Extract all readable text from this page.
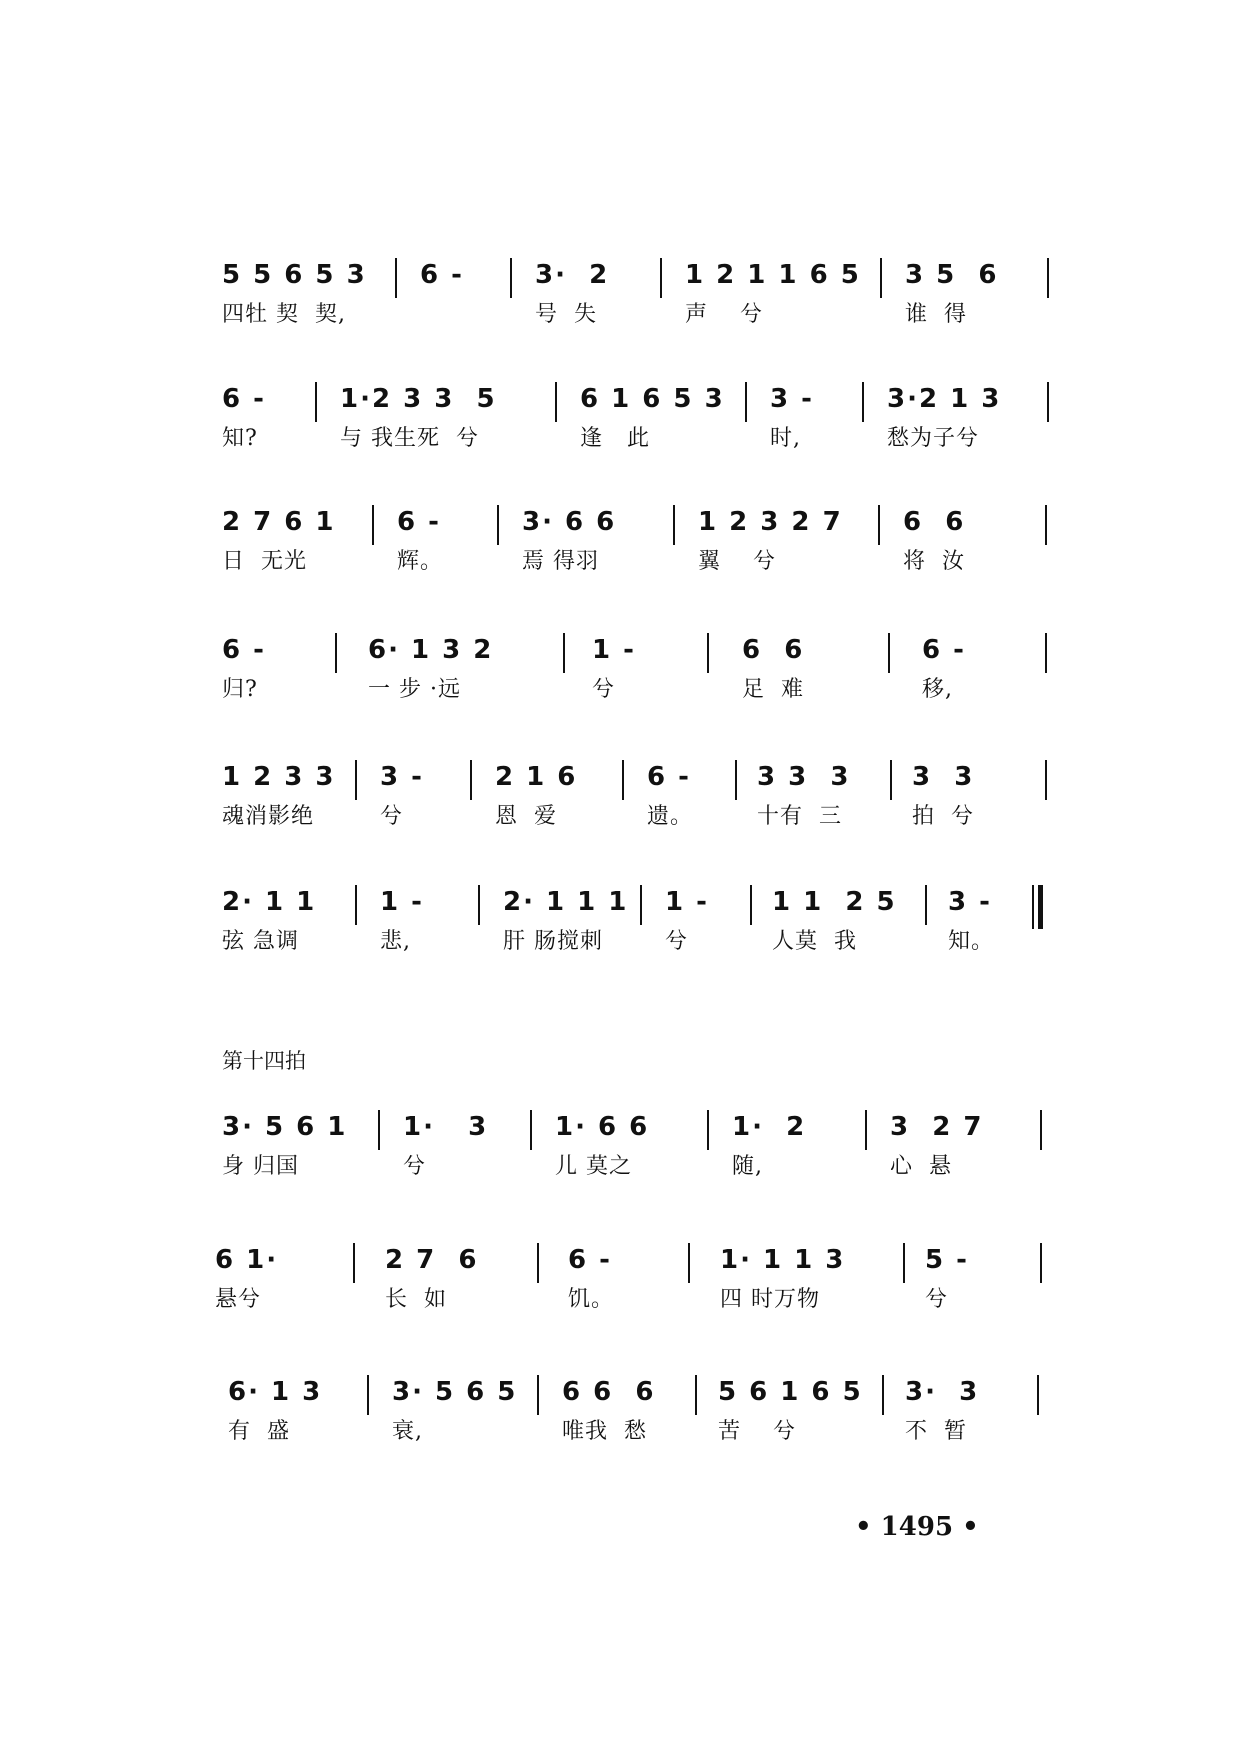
5 5 6 5 3
四牡 契  契,
6 -	3·  2
号  失
1 2 1 1 6 5
声    兮
3 5  6
谁  得
6 -
知?
1·2 3 3  5
与 我生死  兮
6 1 6 5 3
逢   此
3 -
时,
3·2 1 3
愁为子兮
2 7 6 1
日  无光
6 -
辉。
3· 6 6
焉 得羽
1 2 3 2 7
翼    兮
6  6
将  汝
6 -
归?
6· 1 3 2
一 步 ·远
1 -
兮
6  6
足  难
6 -
移,
1 2 3 3
魂消影绝
3 -
兮
2 1 6
恩  爱
6 -
遗。
3 3  3
十有  三
3  3
拍  兮
2· 1 1
弦 急调
1 -
悲,
2· 1 1 1
肝 肠搅刺
1 -
兮
1 1  2 5
人莫  我
3 -
知。
第十四拍
3· 5 6 1
身 归国
1·   3
兮
1· 6 6
儿 莫之
1·  2
随,
3  2 7
心  悬
6 1·
悬兮
2 7  6
长  如
6 -
饥。
1· 1 1 3
四 时万物
5 -
兮
6· 1 3
有  盛
3· 5 6 5
衰,
6 6  6
唯我  愁
5 6 1 6 5
苦    兮
3·  3
不  暂
• 1495 •
